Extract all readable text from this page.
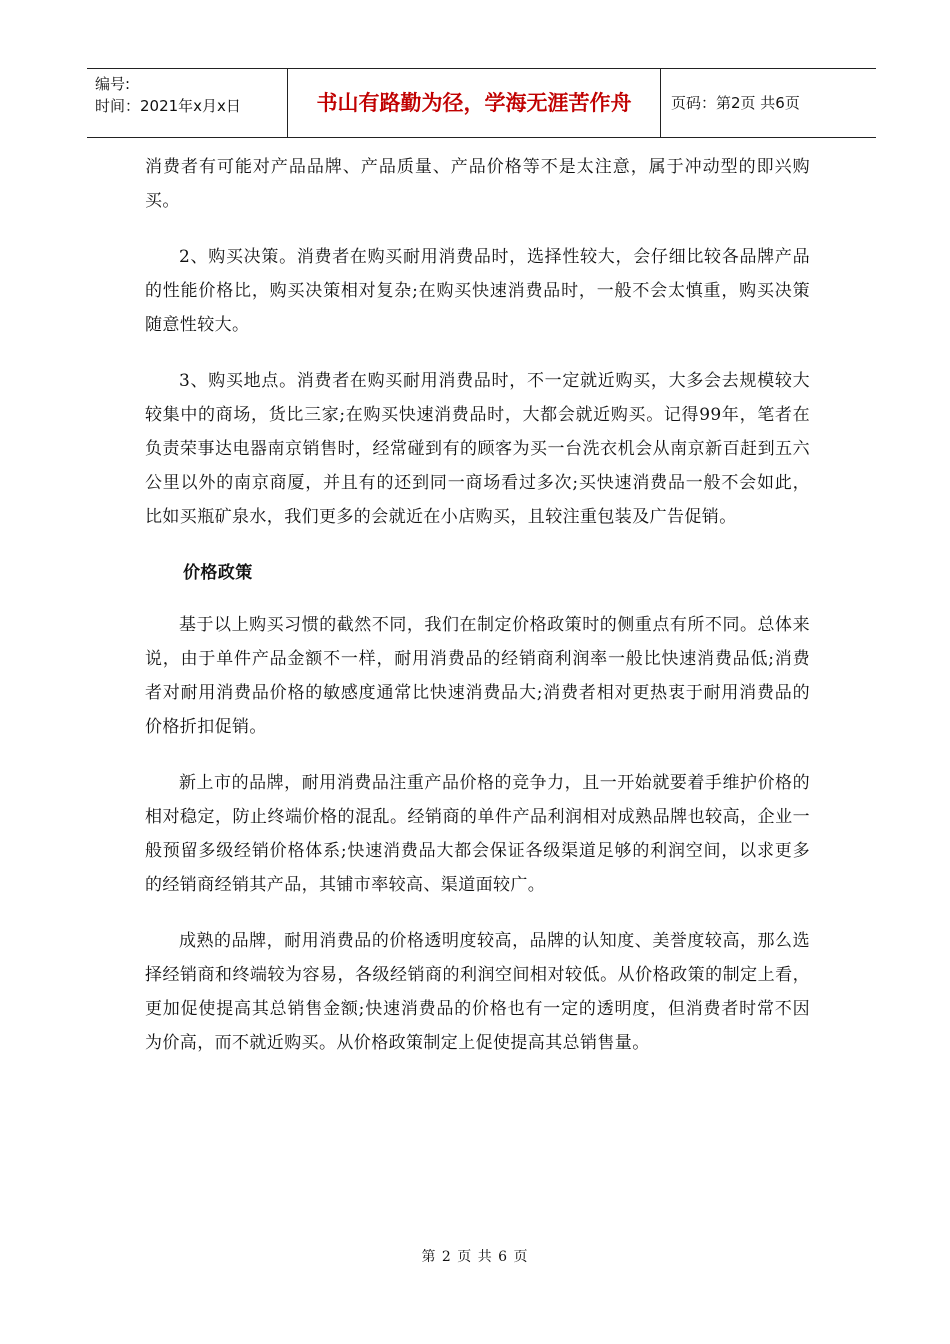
编号:
时间：2021年x月x日	书山有路勤为径，学海无涯苦作舟	页码：第2页 共6页

消费者有可能对产品品牌、产品质量、产品价格等不是太注意，属于冲动型的即兴购买。

2、购买决策。消费者在购买耐用消费品时，选择性较大，会仔细比较各品牌产品的性能价格比，购买决策相对复杂;在购买快速消费品时，一般不会太慎重，购买决策随意性较大。

3、购买地点。消费者在购买耐用消费品时，不一定就近购买，大多会去规模较大较集中的商场，货比三家;在购买快速消费品时，大都会就近购买。记得99年，笔者在负责荣事达电器南京销售时，经常碰到有的顾客为买一台洗衣机会从南京新百赶到五六公里以外的南京商厦，并且有的还到同一商场看过多次;买快速消费品一般不会如此，比如买瓶矿泉水，我们更多的会就近在小店购买，且较注重包装及广告促销。

价格政策

基于以上购买习惯的截然不同，我们在制定价格政策时的侧重点有所不同。总体来说，由于单件产品金额不一样，耐用消费品的经销商利润率一般比快速消费品低;消费者对耐用消费品价格的敏感度通常比快速消费品大;消费者相对更热衷于耐用消费品的价格折扣促销。

新上市的品牌，耐用消费品注重产品价格的竞争力，且一开始就要着手维护价格的相对稳定，防止终端价格的混乱。经销商的单件产品利润相对成熟品牌也较高，企业一般预留多级经销价格体系;快速消费品大都会保证各级渠道足够的利润空间，以求更多的经销商经销其产品，其铺市率较高、渠道面较广。

成熟的品牌，耐用消费品的价格透明度较高，品牌的认知度、美誉度较高，那么选择经销商和终端较为容易，各级经销商的利润空间相对较低。从价格政策的制定上看，更加促使提高其总销售金额;快速消费品的价格也有一定的透明度，但消费者时常不因为价高，而不就近购买。从价格政策制定上促使提高其总销售量。

第 2 页 共 6 页
